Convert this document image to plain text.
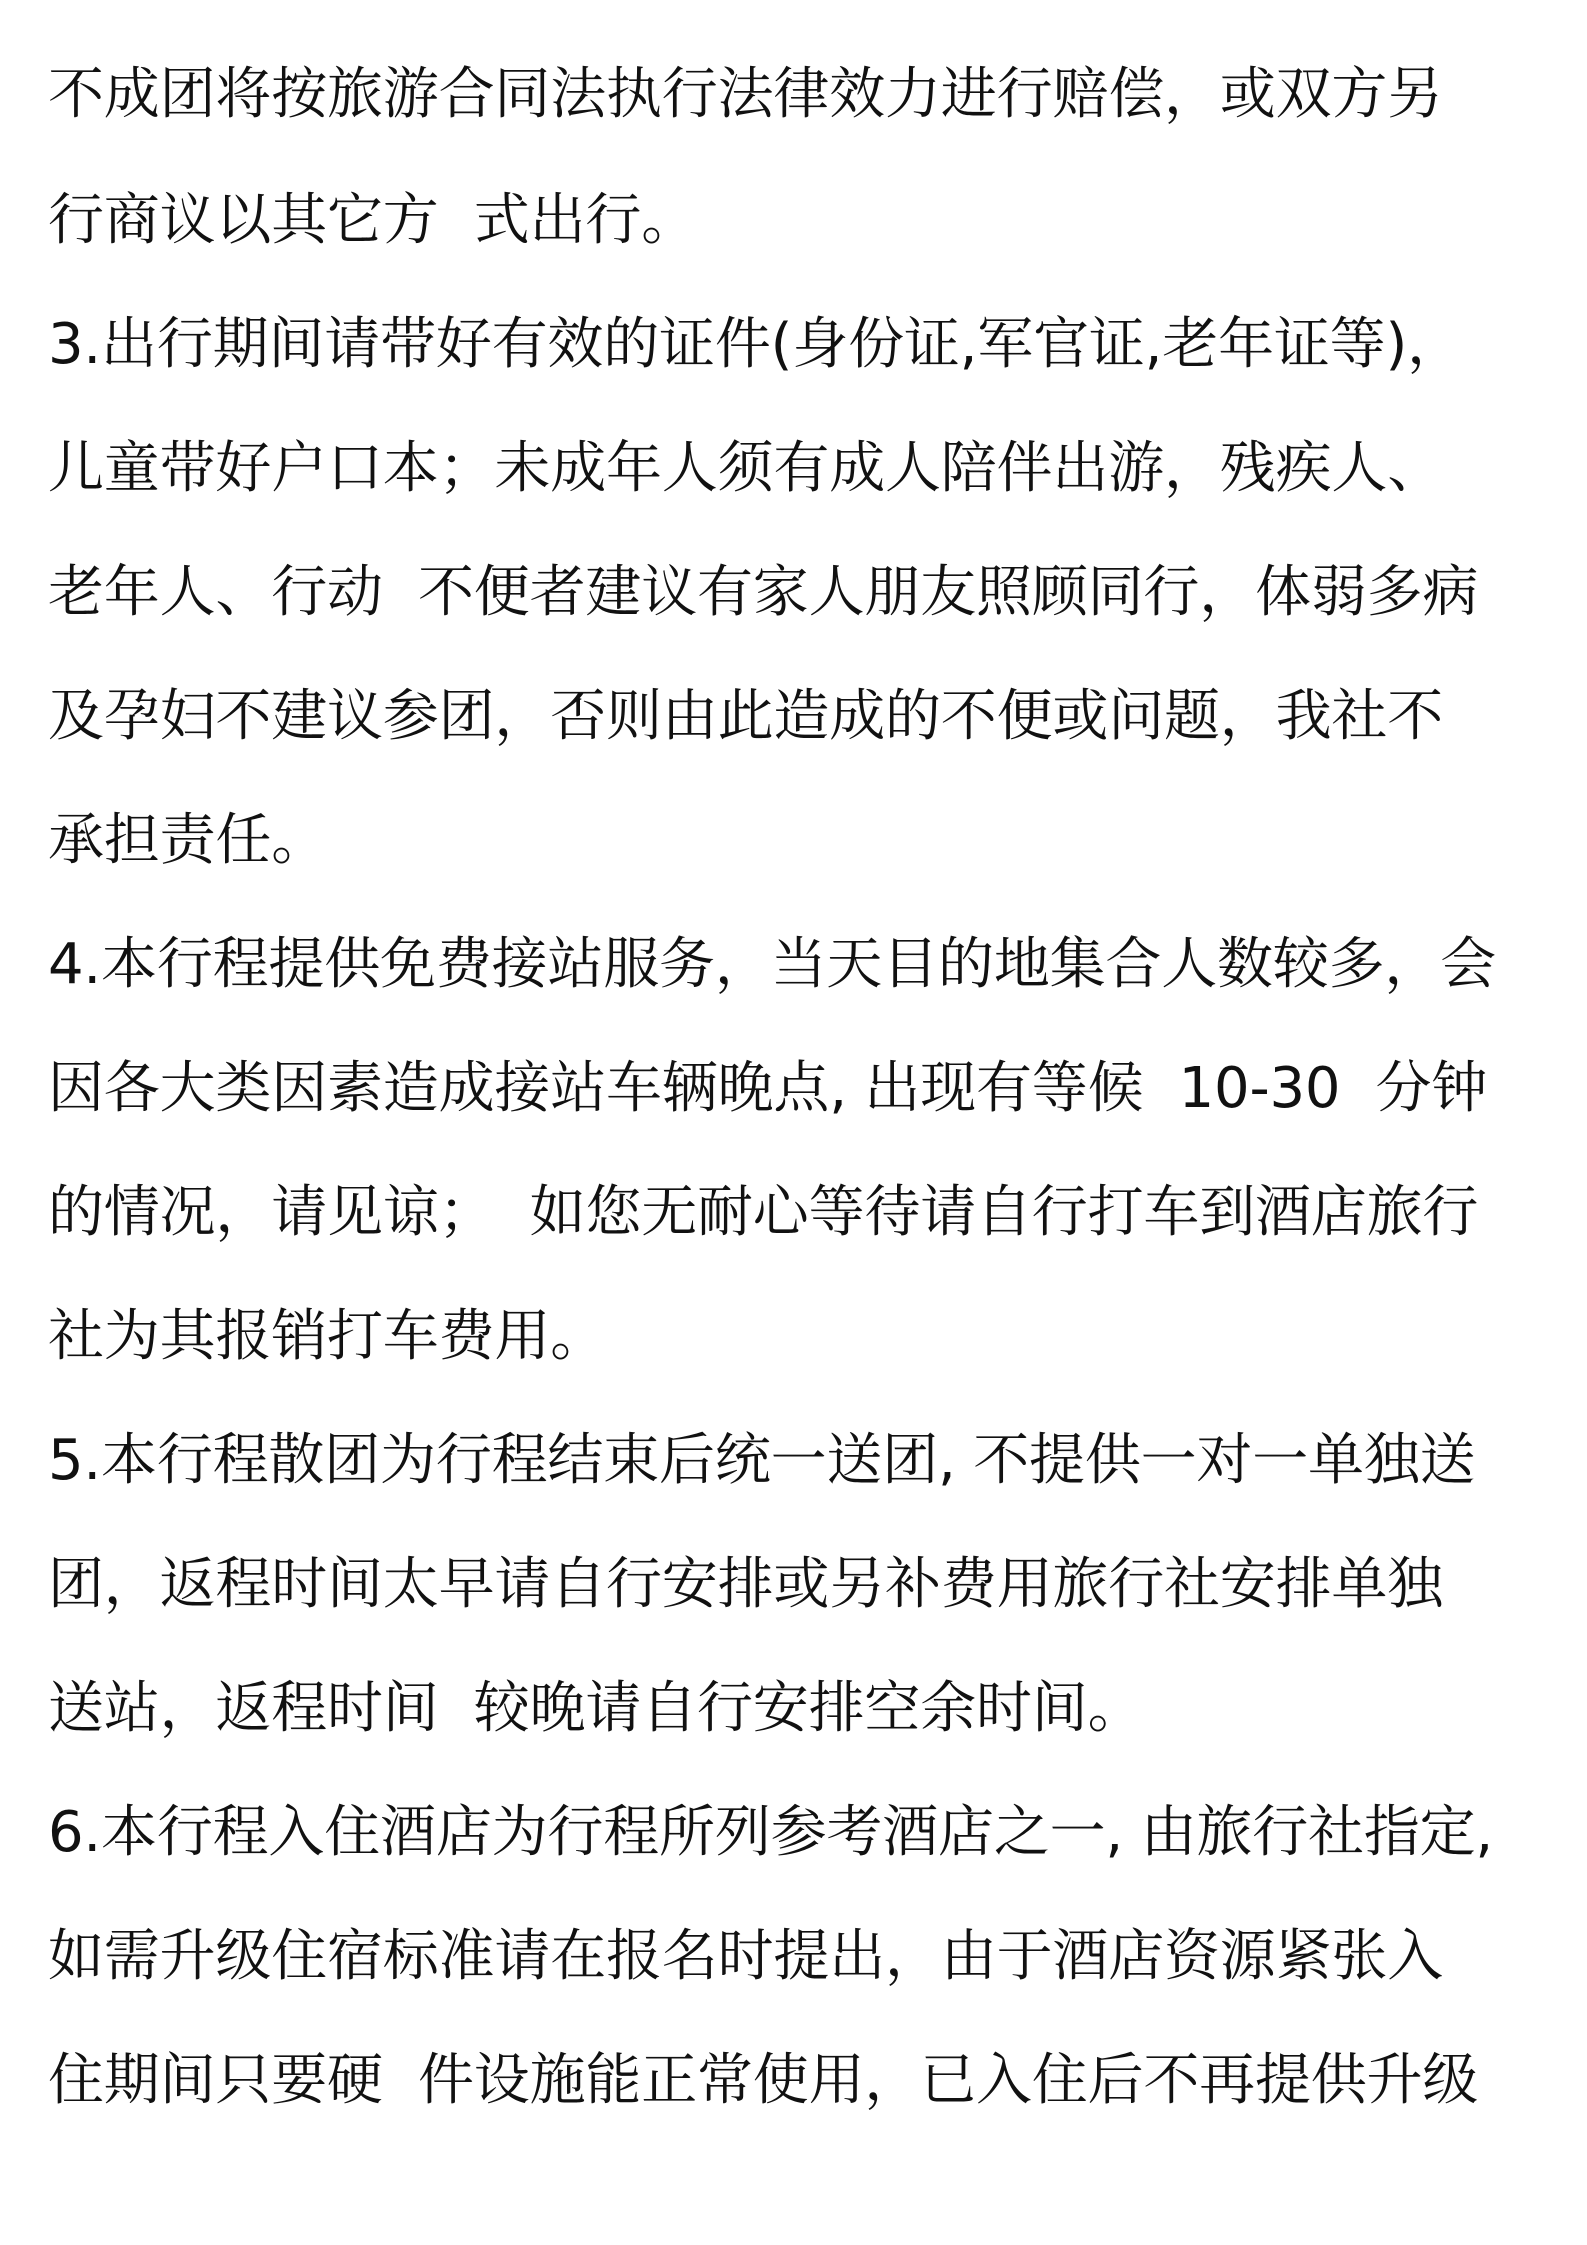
不成团将按旅游合同法执行法律效力进行赔偿，或双方另
行商议以其它方  式出行。
3.出行期间请带好有效的证件(身份证,军官证,老年证等)，
儿童带好户口本；未成年人须有成人陪伴出游，残疾人、
老年人、行动  不便者建议有家人朋友照顾同行，体弱多病
及孕妇不建议参团，否则由此造成的不便或问题，我社不
承担责任。
4.本行程提供免费接站服务，当天目的地集合人数较多，会
因各大类因素造成接站车辆晚点, 出现有等候  10-30  分钟
的情况，请见谅；  如您无耐心等待请自行打车到酒店旅行
社为其报销打车费用。
5.本行程散团为行程结束后统一送团, 不提供一对一单独送
团，返程时间太早请自行安排或另补费用旅行社安排单独
送站，返程时间  较晚请自行安排空余时间。
6.本行程入住酒店为行程所列参考酒店之一, 由旅行社指定,
如需升级住宿标准请在报名时提出，由于酒店资源紧张入
住期间只要硬  件设施能正常使用，已入住后不再提供升级
